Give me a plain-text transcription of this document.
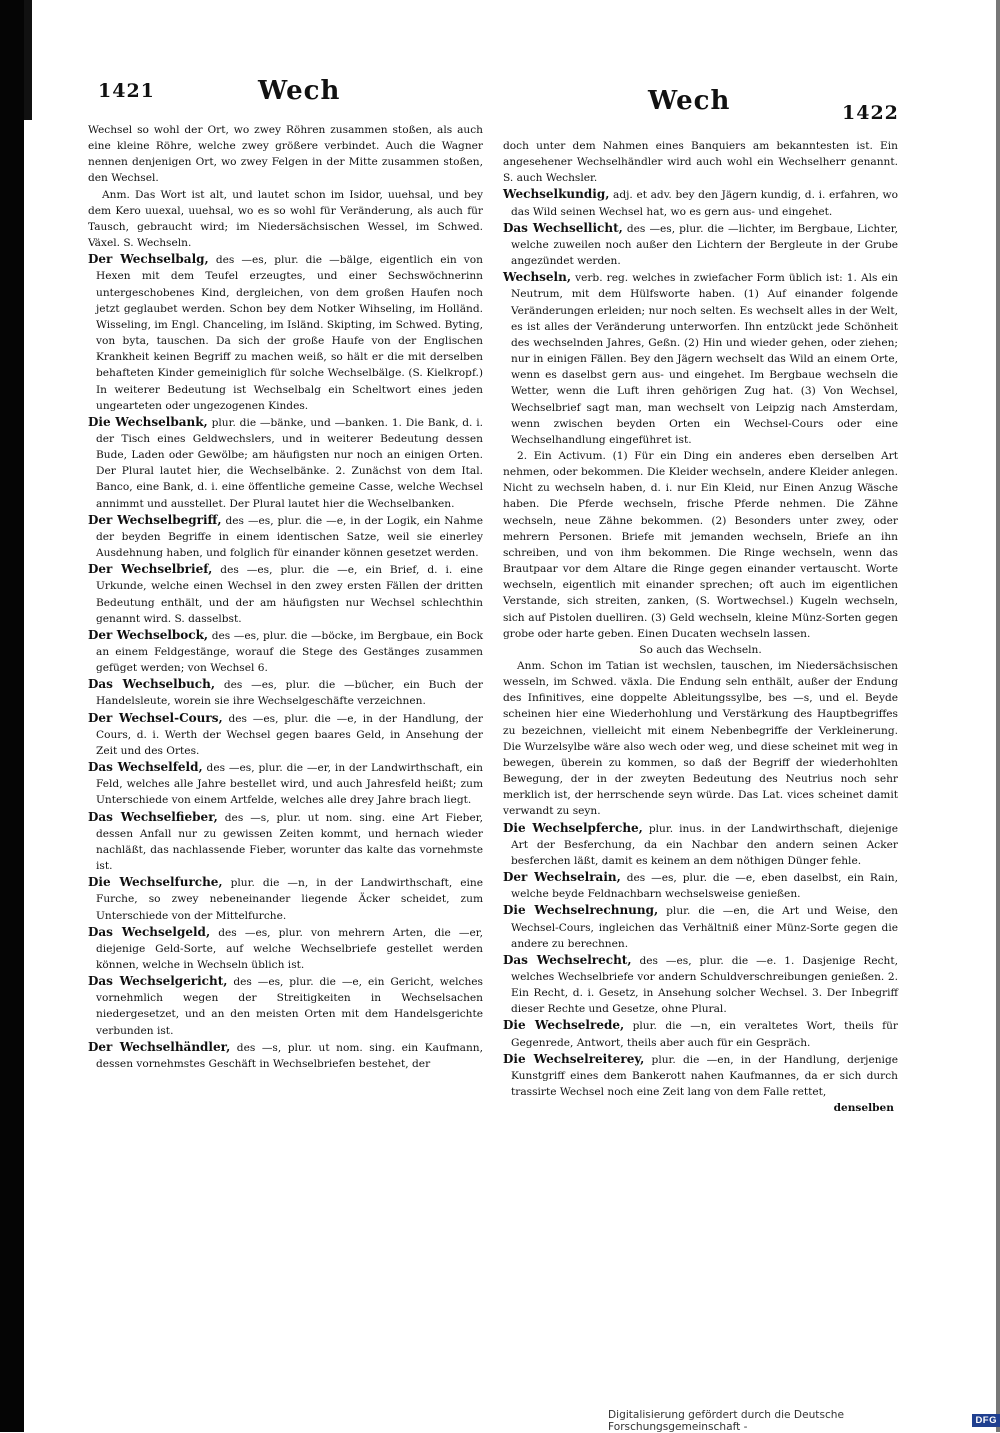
1421	Wech	Wech	1422

Wechsel so wohl der Ort, wo zwey Röhren zusammen stoßen, als auch eine kleine Röhre, welche zwey größere verbindet. Auch die Wagner nennen denjenigen Ort, wo zwey Felgen in der Mitte zusammen stoßen, den Wechsel.

Anm. Das Wort ist alt, und lautet schon im Isidor, uuehsal, und bey dem Kero uuexal, uuehsal, wo es so wohl für Veränderung, als auch für Tausch, gebraucht wird; im Niedersächsischen Wessel, im Schwed. Växel. S. Wechseln.

Der Wechselbalg, des —es, plur. die —bälge, eigentlich ein von Hexen mit dem Teufel erzeugtes, und einer Sechswöchnerinn untergeschobenes Kind, dergleichen, von dem großen Haufen noch jetzt geglaubet werden. Schon bey dem Notker Wihseling, im Holländ. Wisseling, im Engl. Chanceling, im Isländ. Skipting, im Schwed. Byting, von byta, tauschen. Da sich der große Haufe von der Englischen Krankheit keinen Begriff zu machen weiß, so hält er die mit derselben behafteten Kinder gemeiniglich für solche Wechselbälge. (S. Kielkropf.) In weiterer Bedeutung ist Wechselbalg ein Scheltwort eines jeden ungearteten oder ungezogenen Kindes.

Die Wechselbank, plur. die —bänke, und —banken. 1. Die Bank, d. i. der Tisch eines Geldwechslers, und in weiterer Bedeutung dessen Bude, Laden oder Gewölbe; am häufigsten nur noch an einigen Orten. Der Plural lautet hier, die Wechselbänke. 2. Zunächst von dem Ital. Banco, eine Bank, d. i. eine öffentliche gemeine Casse, welche Wechsel annimmt und ausstellet. Der Plural lautet hier die Wechselbanken.

Der Wechselbegriff, des —es, plur. die —e, in der Logik, ein Nahme der beyden Begriffe in einem identischen Satze, weil sie einerley Ausdehnung haben, und folglich für einander können gesetzet werden.

Der Wechselbrief, des —es, plur. die —e, ein Brief, d. i. eine Urkunde, welche einen Wechsel in den zwey ersten Fällen der dritten Bedeutung enthält, und der am häufigsten nur Wechsel schlechthin genannt wird. S. dasselbst.

Der Wechselbock, des —es, plur. die —böcke, im Bergbaue, ein Bock an einem Feldgestänge, worauf die Stege des Gestänges zusammen gefüget werden; von Wechsel 6.

Das Wechselbuch, des —es, plur. die —bücher, ein Buch der Handelsleute, worein sie ihre Wechselgeschäfte verzeichnen.

Der Wechsel-Cours, des —es, plur. die —e, in der Handlung, der Cours, d. i. Werth der Wechsel gegen baares Geld, in Ansehung der Zeit und des Ortes.

Das Wechselfeld, des —es, plur. die —er, in der Landwirthschaft, ein Feld, welches alle Jahre bestellet wird, und auch Jahresfeld heißt; zum Unterschiede von einem Artfelde, welches alle drey Jahre brach liegt.

Das Wechselfieber, des —s, plur. ut nom. sing. eine Art Fieber, dessen Anfall nur zu gewissen Zeiten kommt, und hernach wieder nachläßt, das nachlassende Fieber, worunter das kalte das vornehmste ist.

Die Wechselfurche, plur. die —n, in der Landwirthschaft, eine Furche, so zwey nebeneinander liegende Äcker scheidet, zum Unterschiede von der Mittelfurche.

Das Wechselgeld, des —es, plur. von mehrern Arten, die —er, diejenige Geld-Sorte, auf welche Wechselbriefe gestellet werden können, welche in Wechseln üblich ist.

Das Wechselgericht, des —es, plur. die —e, ein Gericht, welches vornehmlich wegen der Streitigkeiten in Wechselsachen niedergesetzet, und an den meisten Orten mit dem Handelsgerichte verbunden ist.

Der Wechselhändler, des —s, plur. ut nom. sing. ein Kaufmann, dessen vornehmstes Geschäft in Wechselbriefen bestehet, der

doch unter dem Nahmen eines Banquiers am bekanntesten ist. Ein angesehener Wechselhändler wird auch wohl ein Wechselherr genannt. S. auch Wechsler.

Wechselkundig, adj. et adv. bey den Jägern kundig, d. i. erfahren, wo das Wild seinen Wechsel hat, wo es gern aus- und eingehet.

Das Wechsellicht, des —es, plur. die —lichter, im Bergbaue, Lichter, welche zuweilen noch außer den Lichtern der Bergleute in der Grube angezündet werden.

Wechseln, verb. reg. welches in zwiefacher Form üblich ist: 1. Als ein Neutrum, mit dem Hülfsworte haben. (1) Auf einander folgende Veränderungen erleiden; nur noch selten. Es wechselt alles in der Welt, es ist alles der Veränderung unterworfen. Ihn entzückt jede Schönheit des wechselnden Jahres, Geßn. (2) Hin und wieder gehen, oder ziehen; nur in einigen Fällen. Bey den Jägern wechselt das Wild an einem Orte, wenn es daselbst gern aus- und eingehet. Im Bergbaue wechseln die Wetter, wenn die Luft ihren gehörigen Zug hat. (3) Von Wechsel, Wechselbrief sagt man, man wechselt von Leipzig nach Amsterdam, wenn zwischen beyden Orten ein Wechsel-Cours oder eine Wechselhandlung eingeführet ist.

2. Ein Activum. (1) Für ein Ding ein anderes eben derselben Art nehmen, oder bekommen. Die Kleider wechseln, andere Kleider anlegen. Nicht zu wechseln haben, d. i. nur Ein Kleid, nur Einen Anzug Wäsche haben. Die Pferde wechseln, frische Pferde nehmen. Die Zähne wechseln, neue Zähne bekommen. (2) Besonders unter zwey, oder mehrern Personen. Briefe mit jemanden wechseln, Briefe an ihn schreiben, und von ihm bekommen. Die Ringe wechseln, wenn das Brautpaar vor dem Altare die Ringe gegen einander vertauscht. Worte wechseln, eigentlich mit einander sprechen; oft auch im eigentlichen Verstande, sich streiten, zanken, (S. Wortwechsel.) Kugeln wechseln, sich auf Pistolen duelliren. (3) Geld wechseln, kleine Münz-Sorten gegen grobe oder harte geben. Einen Ducaten wechseln lassen.

So auch das Wechseln.

Anm. Schon im Tatian ist wechslen, tauschen, im Niedersächsischen wesseln, im Schwed. växla. Die Endung seln enthält, außer der Endung des Infinitives, eine doppelte Ableitungssylbe, bes —s, und el. Beyde scheinen hier eine Wiederhohlung und Verstärkung des Hauptbegriffes zu bezeichnen, vielleicht mit einem Nebenbegriffe der Verkleinerung. Die Wurzelsylbe wäre also wech oder weg, und diese scheinet mit weg in bewegen, überein zu kommen, so daß der Begriff der wiederhohlten Bewegung, der in der zweyten Bedeutung des Neutrius noch sehr merklich ist, der herrschende seyn würde. Das Lat. vices scheinet damit verwandt zu seyn.

Die Wechselpferche, plur. inus. in der Landwirthschaft, diejenige Art der Besferchung, da ein Nachbar den andern seinen Acker besferchen läßt, damit es keinem an dem nöthigen Dünger fehle.

Der Wechselrain, des —es, plur. die —e, eben daselbst, ein Rain, welche beyde Feldnachbarn wechselsweise genießen.

Die Wechselrechnung, plur. die —en, die Art und Weise, den Wechsel-Cours, ingleichen das Verhältniß einer Münz-Sorte gegen die andere zu berechnen.

Das Wechselrecht, des —es, plur. die —e. 1. Dasjenige Recht, welches Wechselbriefe vor andern Schuldverschreibungen genießen. 2. Ein Recht, d. i. Gesetz, in Ansehung solcher Wechsel. 3. Der Inbegriff dieser Rechte und Gesetze, ohne Plural.

Die Wechselrede, plur. die —n, ein veraltetes Wort, theils für Gegenrede, Antwort, theils aber auch für ein Gespräch.

Die Wechselreiterey, plur. die —en, in der Handlung, derjenige Kunstgriff eines dem Bankerott nahen Kaufmannes, da er sich durch trassirte Wechsel noch eine Zeit lang von dem Falle rettet,

denselben

Digitalisierung gefördert durch die Deutsche Forschungsgemeinschaft -	DFG
